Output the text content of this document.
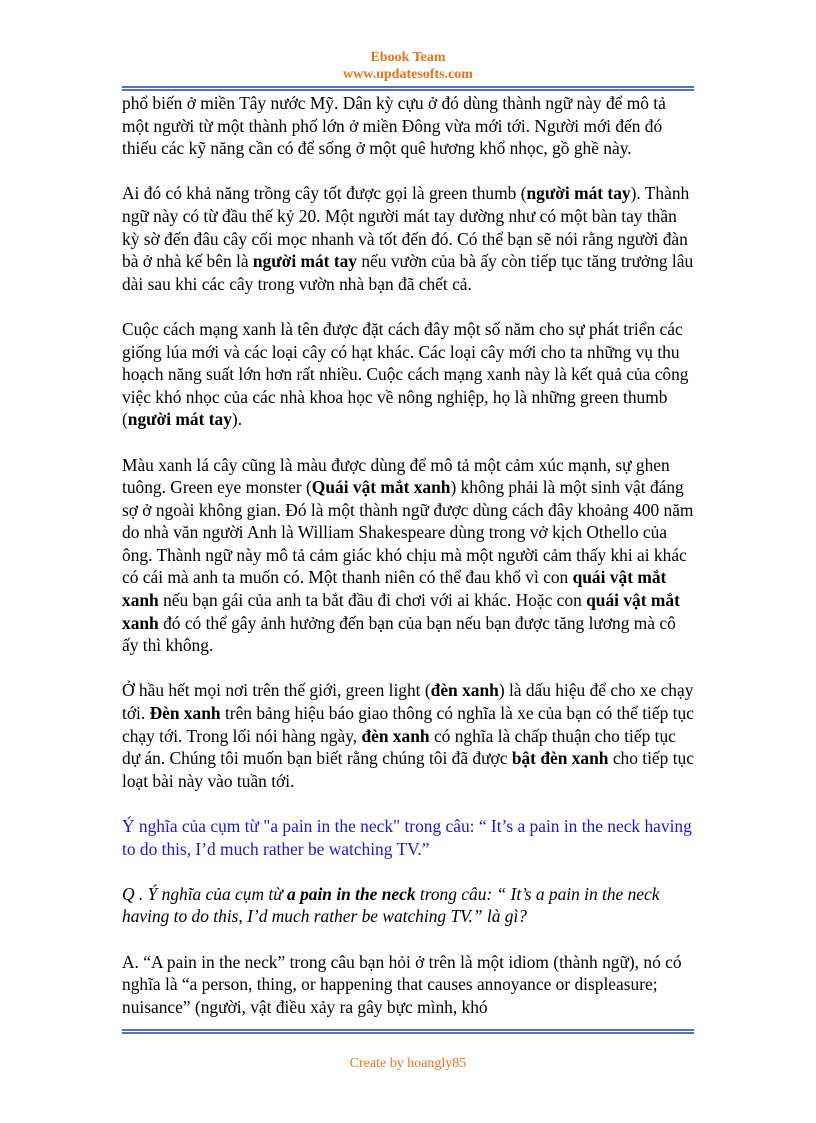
Ebook Team
www.updatesofts.com

phổ biến ở miền Tây nước Mỹ. Dân kỳ cựu ở đó dùng thành ngữ này để mô tả một người từ một thành phố lớn ở miền Đông vừa mới tới. Người mới đến đó thiếu các kỹ năng cần có để sống ở một quê hương khổ nhọc, gồ ghề này.

Ai đó có khả năng trồng cây tốt được gọi là green thumb (người mát tay). Thành ngữ này có từ đầu thế kỷ 20. Một người mát tay dường như có một bàn tay thần kỳ sờ đến đâu cây cối mọc nhanh và tốt đến đó. Có thể bạn sẽ nói rằng người đàn bà ở nhà kế bên là người mát tay nếu vườn của bà ấy còn tiếp tục tăng trưởng lâu dài sau khi các cây trong vườn nhà bạn đã chết cả.

Cuộc cách mạng xanh là tên được đặt cách đây một số năm cho sự phát triển các giống lúa mới và các loại cây có hạt khác. Các loại cây mới cho ta những vụ thu hoạch năng suất lớn hơn rất nhiều. Cuộc cách mạng xanh này là kết quả của công việc khó nhọc của các nhà khoa học về nông nghiệp, họ là những green thumb (người mát tay).

Màu xanh lá cây cũng là màu được dùng để mô tả một cảm xúc mạnh, sự ghen tuông. Green eye monster (Quái vật mắt xanh) không phải là một sinh vật đáng sợ ở ngoài không gian. Đó là một thành ngữ được dùng cách đây khoảng 400 năm do nhà văn người Anh là William Shakespeare dùng trong vở kịch Othello của ông. Thành ngữ này mô tả cảm giác khó chịu mà một người cảm thấy khi ai khác có cái mà anh ta muốn có. Một thanh niên có thể đau khổ vì con quái vật mắt xanh nếu bạn gái của anh ta bắt đầu đi chơi với ai khác. Hoặc con quái vật mắt xanh đó có thể gây ảnh hưởng đến bạn của bạn nếu bạn được tăng lương mà cô ấy thì không.

Ở hầu hết mọi nơi trên thế giới, green light (đèn xanh) là dấu hiệu để cho xe chạy tới. Đèn xanh trên bảng hiệu báo giao thông có nghĩa là xe của bạn có thể tiếp tục chạy tới. Trong lối nói hàng ngày, đèn xanh có nghĩa là chấp thuận cho tiếp tục dự án. Chúng tôi muốn bạn biết rằng chúng tôi đã được bật đèn xanh cho tiếp tục loạt bài này vào tuần tới.

Ý nghĩa của cụm từ "a pain in the neck" trong câu: “ It’s a pain in the neck having to do this, I’d much rather be watching TV.”

Q . Ý nghĩa của cụm từ a pain in the neck trong câu: “ It’s a pain in the neck having to do this, I’d much rather be watching TV.” là gì?

A. “A pain in the neck” trong câu bạn hỏi ở trên là một idiom (thành ngữ), nó có nghĩa là “a person, thing, or happening that causes annoyance or displeasure; nuisance” (người, vật điều xảy ra gây bực mình, khó

Create by hoangly85
